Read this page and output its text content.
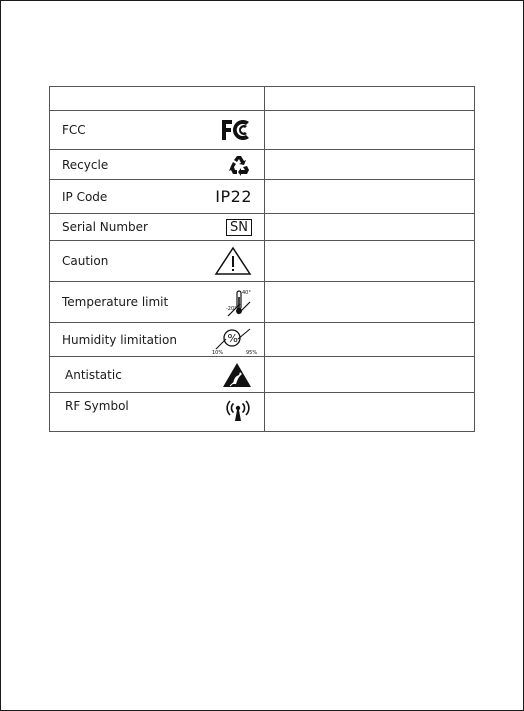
FCC	

Recycle	

IP Code IP22	

Serial Number SN	

Caution	

Temperature limit
40°
-20°	

Humidity limitation %
10% 95%	

Antistatic	

RF Symbol	
